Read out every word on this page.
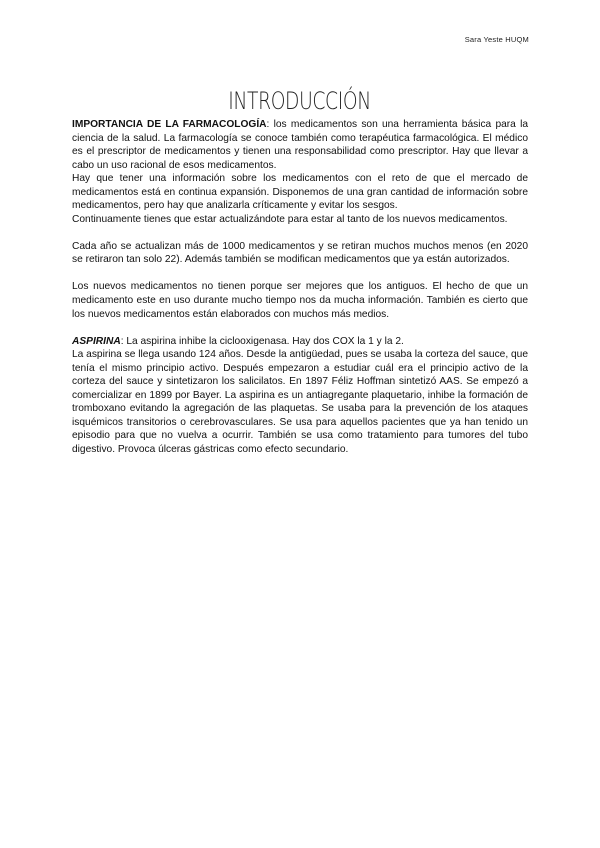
Sara Yeste HUQM
INTRODUCCIÓN

IMPORTANCIA DE LA FARMACOLOGÍA: los medicamentos son una herramienta básica para la ciencia de la salud. La farmacología se conoce también como terapéutica farmacológica. El médico es el prescriptor de medicamentos y tienen una responsabilidad como prescriptor. Hay que llevar a cabo un uso racional de esos medicamentos.

Hay que tener una información sobre los medicamentos con el reto de que el mercado de medicamentos está en continua expansión. Disponemos de una gran cantidad de información sobre medicamentos, pero hay que analizarla críticamente y evitar los sesgos.

Continuamente tienes que estar actualizándote para estar al tanto de los nuevos medicamentos.

Cada año se actualizan más de 1000 medicamentos y se retiran muchos muchos menos (en 2020 se retiraron tan solo 22). Además también se modifican medicamentos que ya están autorizados.

Los nuevos medicamentos no tienen porque ser mejores que los antiguos. El hecho de que un medicamento este en uso durante mucho tiempo nos da mucha información. También es cierto que los nuevos medicamentos están elaborados con muchos más medios.

ASPIRINA: La aspirina inhibe la ciclooxigenasa. Hay dos COX la 1 y la 2.

La aspirina se llega usando 124 años. Desde la antigüedad, pues se usaba la corteza del sauce, que tenía el mismo principio activo. Después empezaron a estudiar cuál era el principio activo de la corteza del sauce y sintetizaron los salicilatos. En 1897 Féliz Hoffman sintetizó AAS. Se empezó a comercializar en 1899 por Bayer. La aspirina es un antiagregante plaquetario, inhibe la formación de tromboxano evitando la agregación de las plaquetas. Se usaba para la prevención de los ataques isquémicos transitorios o cerebrovasculares. Se usa para aquellos pacientes que ya han tenido un episodio para que no vuelva a ocurrir. También se usa como tratamiento para tumores del tubo digestivo. Provoca úlceras gástricas como efecto secundario.
